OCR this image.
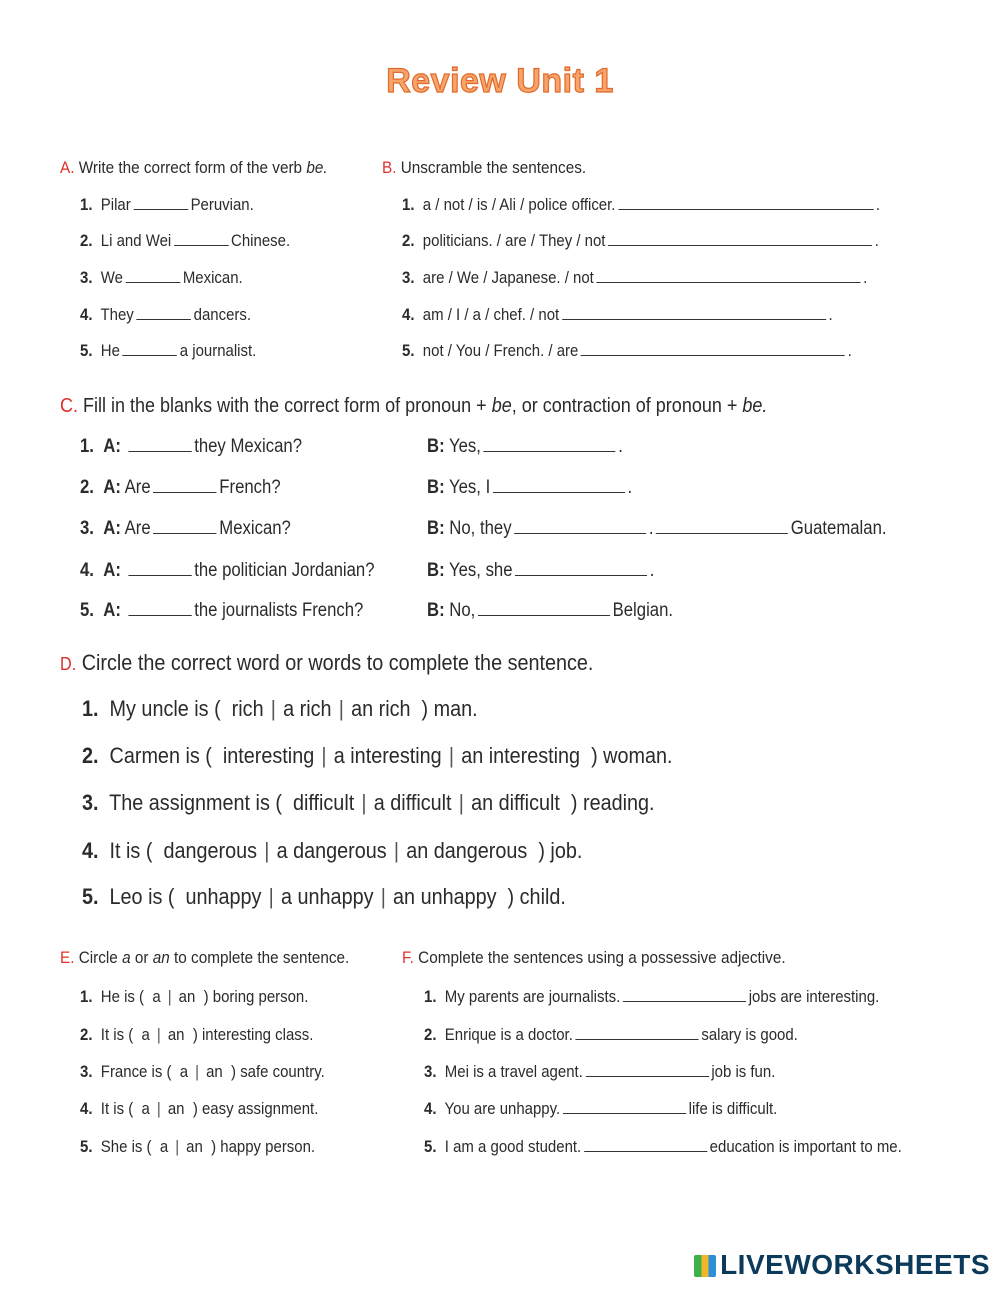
Review Unit 1
A. Write the correct form of the verb be.
1. Pilar	Peruvian.
2. Li and Wei	Chinese.
3. We	Mexican.
4. They	dancers.
5. He	a journalist.
B. Unscramble the sentences.
1. a / not / is / Ali / police officer.	.
2. politicians. / are / They / not	.
3. are / We / Japanese. / not	.
4. am / I / a / chef. / not	.
5. not / You / French. / are	.
C. Fill in the blanks with the correct form of pronoun + be, or contraction of pronoun + be.
1. A:	they Mexican?	B: Yes,	.
2. A: Are	French?	B: Yes, I	.
3. A: Are	Mexican?	B: No, they	.	Guatemalan.
4. A:	the politician Jordanian?	B: Yes, she	.
5. A:	the journalists French?	B: No,	Belgian.
D. Circle the correct word or words to complete the sentence.
1. My uncle is ( rich | a rich | an rich ) man.
2. Carmen is ( interesting | a interesting | an interesting ) woman.
3. The assignment is ( difficult | a difficult | an difficult ) reading.
4. It is ( dangerous | a dangerous | an dangerous ) job.
5. Leo is ( unhappy | a unhappy | an unhappy ) child.
E. Circle a or an to complete the sentence.
1. He is ( a | an ) boring person.
2. It is ( a | an ) interesting class.
3. France is ( a | an ) safe country.
4. It is ( a | an ) easy assignment.
5. She is ( a | an ) happy person.
F. Complete the sentences using a possessive adjective.
1. My parents are journalists.	jobs are interesting.
2. Enrique is a doctor.	salary is good.
3. Mei is a travel agent.	job is fun.
4. You are unhappy.	life is difficult.
5. I am a good student.	education is important to me.
LIVEWORKSHEETS
